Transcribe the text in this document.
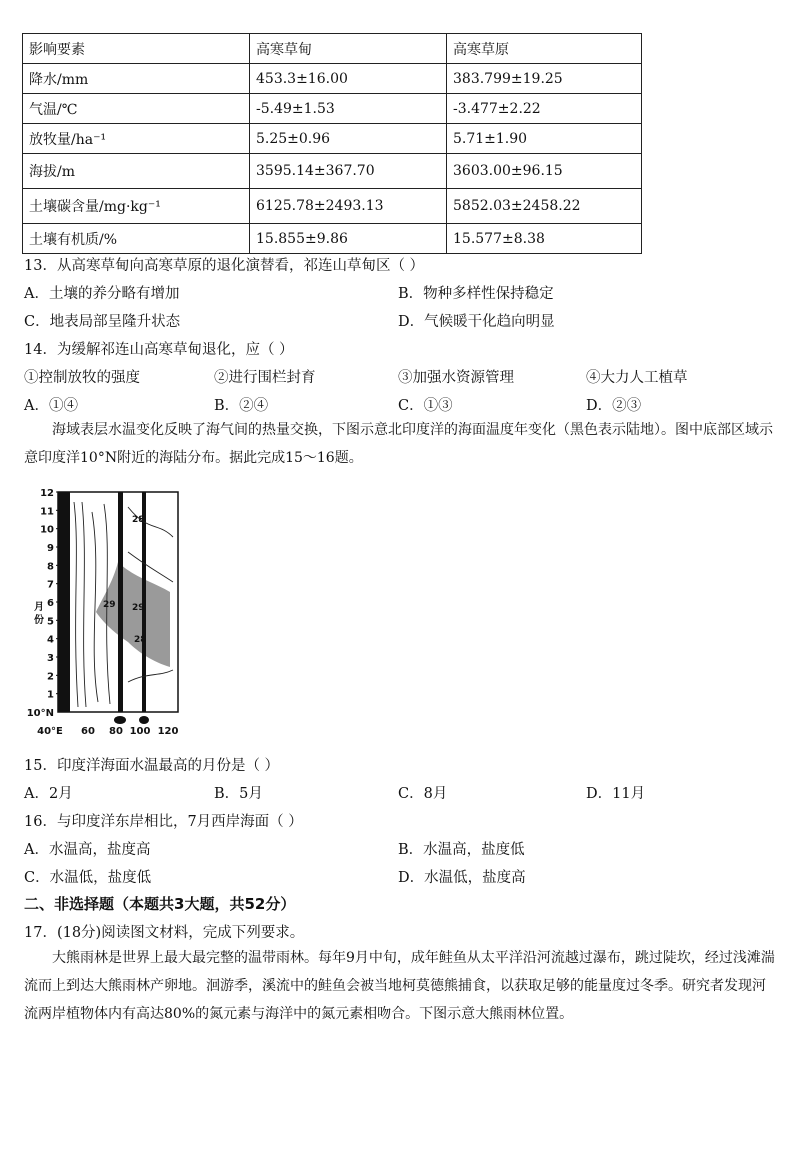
影响要素	高寒草甸	高寒草原
降水/mm	453.3±16.00	383.799±19.25
气温/℃	-5.49±1.53	-3.477±2.22
放牧量/ha⁻¹	5.25±0.96	5.71±1.90
海拔/m	3595.14±367.70	3603.00±96.15
土壤碳含量/mg·kg⁻¹	6125.78±2493.13	5852.03±2458.22
土壤有机质/%	15.855±9.86	15.577±8.38
13．从高寒草甸向高寒草原的退化演替看，祁连山草甸区（ ）
A．土壤的养分略有增加	B．物种多样性保持稳定
C．地表局部呈隆升状态	D．气候暖干化趋向明显
14．为缓解祁连山高寒草甸退化，应（ ）
①控制放牧的强度	②进行围栏封育	③加强水资源管理	④大力人工植草
A．①④	B．②④	C．①③	D．②③
海域表层水温变化反映了海气间的热量交换，下图示意北印度洋的海面温度年变化（黑色表示陆地）。图中底部区域示意印度洋10°N附近的海陆分布。据此完成15～16题。
12
11
10
9
8
7
6
5
4
3
2
1
月
份
10°N
40°E 60 80 100 120
28
29 29
28
15．印度洋海面水温最高的月份是（ ）
A．2月	B．5月	C．8月	D．11月
16．与印度洋东岸相比，7月西岸海面（ ）
A．水温高，盐度高	B．水温高，盐度低
C．水温低，盐度低	D．水温低，盐度高
二、非选择题（本题共3大题，共52分）
17．(18分)阅读图文材料，完成下列要求。
大熊雨林是世界上最大最完整的温带雨林。每年9月中旬，成年鲑鱼从太平洋沿河流越过瀑布，跳过陡坎，经过浅滩湍流而上到达大熊雨林产卵地。洄游季，溪流中的鲑鱼会被当地柯莫德熊捕食，以获取足够的能量度过冬季。研究者发现河流两岸植物体内有高达80%的氮元素与海洋中的氮元素相吻合。下图示意大熊雨林位置。
